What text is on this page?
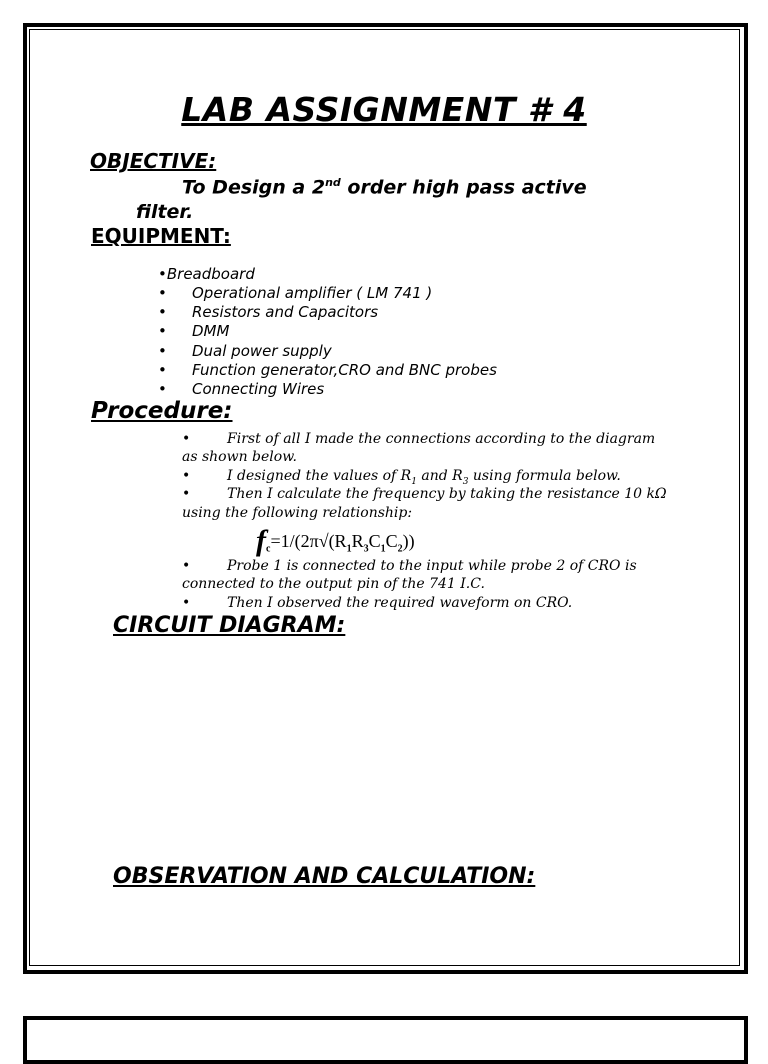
LAB ASSIGNMENT # 4
OBJECTIVE:
To Design a 2nd order high pass active
filter.
EQUIPMENT:
•Breadboard
• Operational amplifier ( LM 741 )
• Resistors and Capacitors
• DMM
• Dual power supply
• Function generator,CRO and BNC probes
• Connecting Wires
Procedure:
•	First of all I made the connections according to the diagram
as shown below.
•	I designed the values of $R_1$ and $R_3$ using formula below.
•	Then I calculate the frequency by taking the resistance 10 kΩ
using the following relationship:
$f_c=1/(2\pi√(R_1R_3C_1C_2))$
•	Probe 1 is connected to the input while probe 2 of CRO is
connected to the output pin of the 741 I.C.
•	Then I observed the required waveform on CRO.
CIRCUIT DIAGRAM:
OBSERVATION AND CALCULATION:
